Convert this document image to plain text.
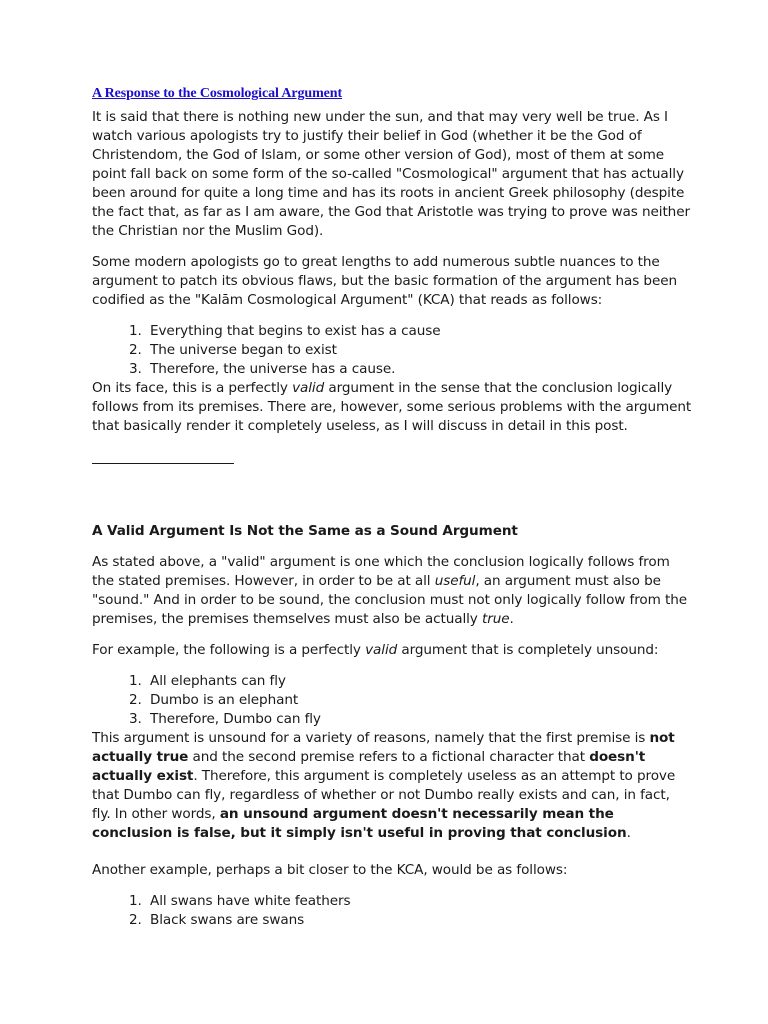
A Response to the Cosmological Argument

It is said that there is nothing new under the sun, and that may very well be true. As I watch various apologists try to justify their belief in God (whether it be the God of Christendom, the God of Islam, or some other version of God), most of them at some point fall back on some form of the so-called "Cosmological" argument that has actually been around for quite a long time and has its roots in ancient Greek philosophy (despite the fact that, as far as I am aware, the God that Aristotle was trying to prove was neither the Christian nor the Muslim God).

Some modern apologists go to great lengths to add numerous subtle nuances to the argument to patch its obvious flaws, but the basic formation of the argument has been codified as the "Kalām Cosmological Argument" (KCA) that reads as follows:

1. Everything that begins to exist has a cause
2. The universe began to exist
3. Therefore, the universe has a cause.

On its face, this is a perfectly valid argument in the sense that the conclusion logically follows from its premises. There are, however, some serious problems with the argument that basically render it completely useless, as I will discuss in detail in this post.

A Valid Argument Is Not the Same as a Sound Argument

As stated above, a "valid" argument is one which the conclusion logically follows from the stated premises. However, in order to be at all useful, an argument must also be "sound." And in order to be sound, the conclusion must not only logically follow from the premises, the premises themselves must also be actually true.

For example, the following is a perfectly valid argument that is completely unsound:

1. All elephants can fly
2. Dumbo is an elephant
3. Therefore, Dumbo can fly

This argument is unsound for a variety of reasons, namely that the first premise is not actually true and the second premise refers to a fictional character that doesn't actually exist. Therefore, this argument is completely useless as an attempt to prove that Dumbo can fly, regardless of whether or not Dumbo really exists and can, in fact, fly. In other words, an unsound argument doesn't necessarily mean the conclusion is false, but it simply isn't useful in proving that conclusion.

Another example, perhaps a bit closer to the KCA, would be as follows:

1. All swans have white feathers
2. Black swans are swans
